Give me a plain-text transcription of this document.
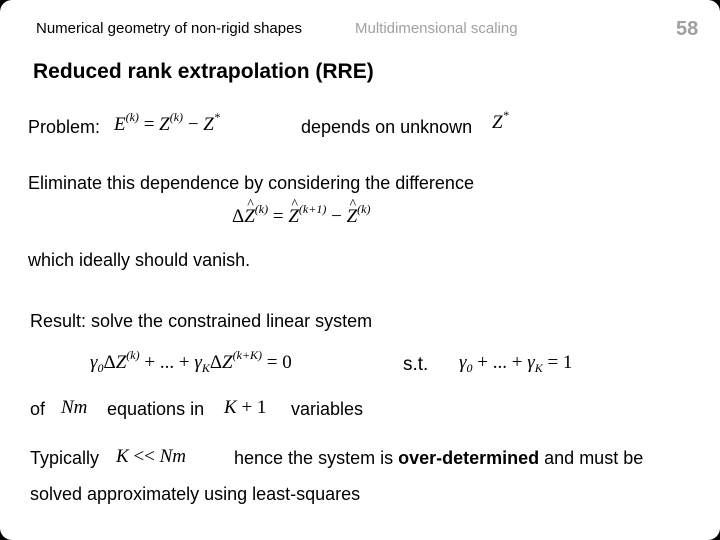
Numerical geometry of non-rigid shapes	Multidimensional scaling	58
Reduced rank extrapolation (RRE)
Problem: $E^{(k)} = Z^{(k)} - Z^*$	depends on unknown Z*
Eliminate this dependence by considering the difference
Δ^ $Z^{(k)}$ = ^ $Z^{(k+1)}$ − ^ $Z^{(k)}$
which ideally should vanish.
Result: solve the constrained linear system
$\gamma_0\Delta Z^{(k)}$ + ... + $\gamma_K\Delta Z^{(k+K)} = 0$	s.t. $\gamma_0$ + ... + $\gamma_K = 1$
of Nm equations in K + 1 variables
Typically K << Nm	hence the system is over-determined and must be
solved approximately using least-squares
